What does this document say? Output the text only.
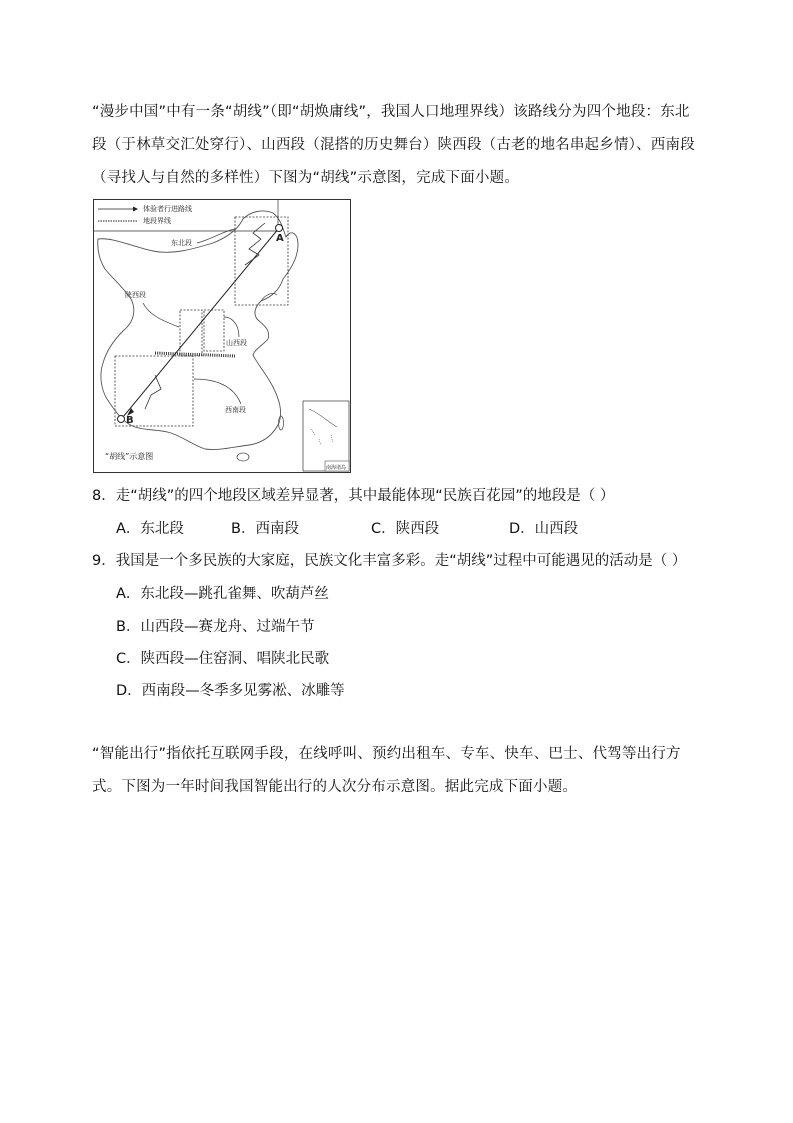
“漫步中国”中有一条“胡线”（即“胡焕庸线”，我国人口地理界线）该路线分为四个地段：东北段（于林草交汇处穿行）、山西段（混搭的历史舞台）陕西段（古老的地名串起乡情）、西南段（寻找人与自然的多样性）下图为“胡线”示意图，完成下面小题。
体验者行进路线
地段界线
A
B
东北段
陕西段
山西段
西南段
“胡线”示意图
南海诸岛
8．走“胡线”的四个地段区域差异显著，其中最能体现“民族百花园”的地段是（ ）
A．东北段	B．西南段	C．陕西段	D．山西段
9．我国是一个多民族的大家庭，民族文化丰富多彩。走“胡线”过程中可能遇见的活动是（ ）
A．东北段—跳孔雀舞、吹葫芦丝
B．山西段—赛龙舟、过端午节
C．陕西段—住窑洞、唱陕北民歌
D．西南段—冬季多见雾凇、冰雕等
“智能出行”指依托互联网手段，在线呼叫、预约出租车、专车、快车、巴士、代驾等出行方式。下图为一年时间我国智能出行的人次分布示意图。据此完成下面小题。
